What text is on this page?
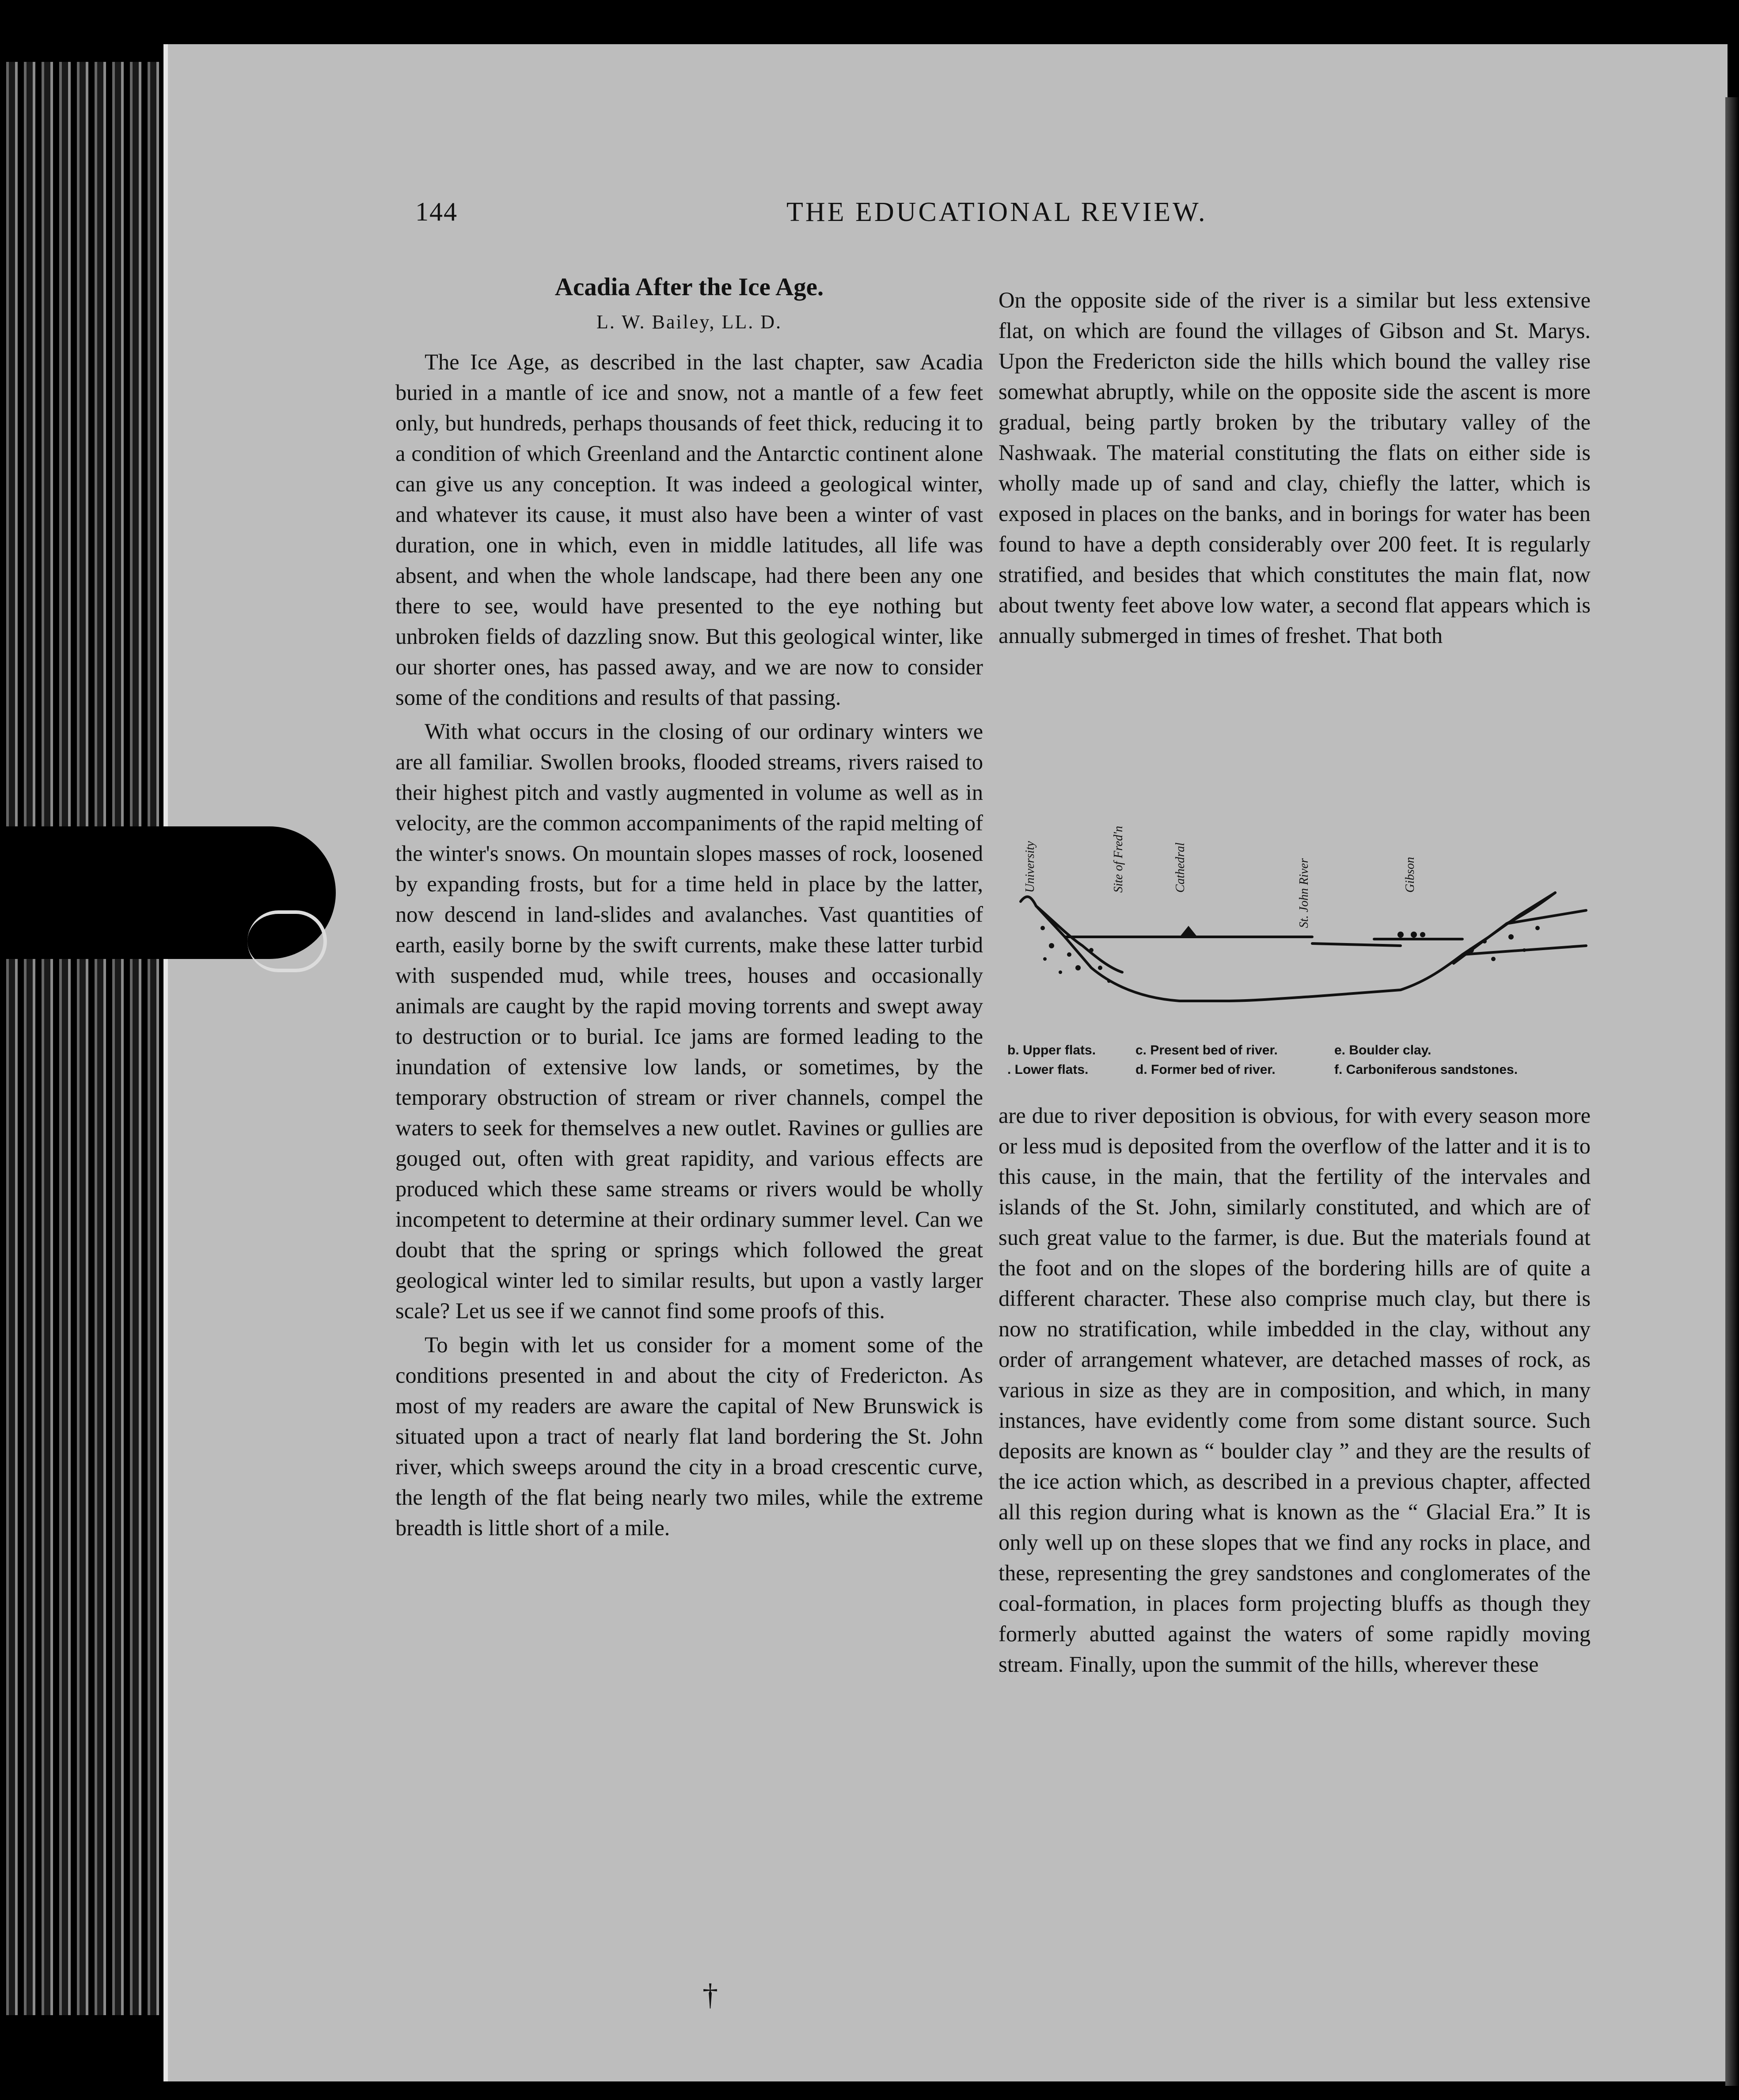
144	THE EDUCATIONAL REVIEW.
Acadia After the Ice Age.
L. W. Bailey, LL. D.

The Ice Age, as described in the last chapter, saw Acadia buried in a mantle of ice and snow, not a mantle of a few feet only, but hundreds, perhaps thousands of feet thick, reducing it to a condition of which Greenland and the Antarctic continent alone can give us any conception. It was indeed a geological winter, and whatever its cause, it must also have been a winter of vast duration, one in which, even in middle latitudes, all life was absent, and when the whole landscape, had there been any one there to see, would have presented to the eye nothing but unbroken fields of dazzling snow. But this geological winter, like our shorter ones, has passed away, and we are now to consider some of the conditions and results of that passing.

With what occurs in the closing of our ordinary winters we are all familiar. Swollen brooks, flooded streams, rivers raised to their highest pitch and vastly augmented in volume as well as in velocity, are the common accompaniments of the rapid melting of the winter's snows. On mountain slopes masses of rock, loosened by expanding frosts, but for a time held in place by the latter, now descend in land-slides and avalanches. Vast quantities of earth, easily borne by the swift currents, make these latter turbid with suspended mud, while trees, houses and occasionally animals are caught by the rapid moving torrents and swept away to destruction or to burial. Ice jams are formed leading to the inundation of extensive low lands, or sometimes, by the temporary obstruction of stream or river channels, compel the waters to seek for themselves a new outlet. Ravines or gullies are gouged out, often with great rapidity, and various effects are produced which these same streams or rivers would be wholly incompetent to determine at their ordinary summer level. Can we doubt that the spring or springs which followed the great geological winter led to similar results, but upon a vastly larger scale? Let us see if we cannot find some proofs of this.

To begin with let us consider for a moment some of the conditions presented in and about the city of Fredericton. As most of my readers are aware the capital of New Brunswick is situated upon a tract of nearly flat land bordering the St. John river, which sweeps around the city in a broad crescentic curve, the length of the flat being nearly two miles, while the extreme breadth is little short of a mile.

On the opposite side of the river is a similar but less extensive flat, on which are found the villages of Gibson and St. Marys. Upon the Fredericton side the hills which bound the valley rise somewhat abruptly, while on the opposite side the ascent is more gradual, being partly broken by the tributary valley of the Nashwaak. The material constituting the flats on either side is wholly made up of sand and clay, chiefly the latter, which is exposed in places on the banks, and in borings for water has been found to have a depth considerably over 200 feet. It is regularly stratified, and besides that which constitutes the main flat, now about twenty feet above low water, a second flat appears which is annually submerged in times of freshet. That both

University	Site of Fred'n	Cathedral	St. John River	Gibson
b. Upper flats.
. Lower flats.
c. Present bed of river.
d. Former bed of river.
e. Boulder clay.
f. Carboniferous sandstones.

are due to river deposition is obvious, for with every season more or less mud is deposited from the overflow of the latter and it is to this cause, in the main, that the fertility of the intervales and islands of the St. John, similarly constituted, and which are of such great value to the farmer, is due. But the materials found at the foot and on the slopes of the bordering hills are of quite a different character. These also comprise much clay, but there is now no stratification, while imbedded in the clay, without any order of arrangement whatever, are detached masses of rock, as various in size as they are in composition, and which, in many instances, have evidently come from some distant source. Such deposits are known as “ boulder clay ” and they are the results of the ice action which, as described in a previous chapter, affected all this region during what is known as the “ Glacial Era.” It is only well up on these slopes that we find any rocks in place, and these, representing the grey sandstones and conglomerates of the coal-formation, in places form projecting bluffs as though they formerly abutted against the waters of some rapidly moving stream. Finally, upon the summit of the hills, wherever these

†
